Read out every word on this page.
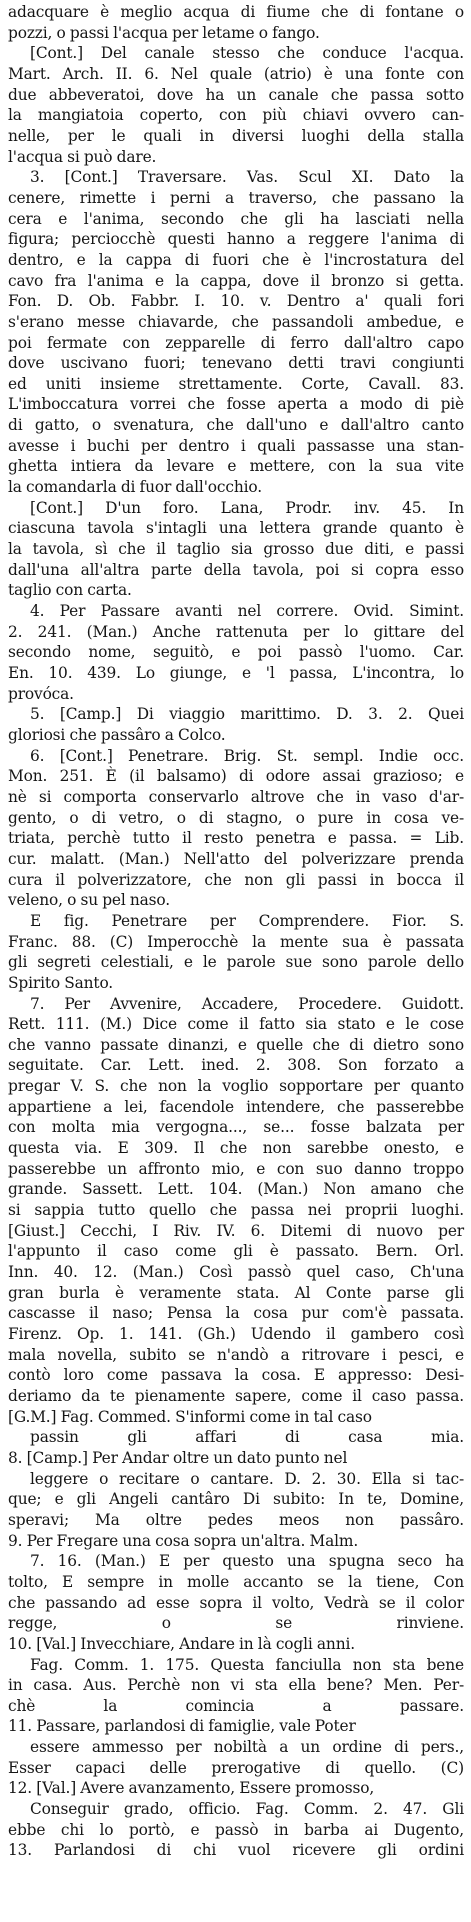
adacquare è meglio acqua di fiume che di fontane o

pozzi, o passi l'acqua per letame o fango.

[Cont.] Del canale stesso che conduce l'acqua.

Mart. Arch. II. 6. Nel quale (atrio) è una fonte con

due abbeveratoi, dove ha un canale che passa sotto

la mangiatoia coperto, con più chiavi ovvero can-

nelle, per le quali in diversi luoghi della stalla

l'acqua si può dare.

3. [Cont.] Traversare. Vas. Scul XI. Dato la

cenere, rimette i perni a traverso, che passano la

cera e l'anima, secondo che gli ha lasciati nella

figura; perciocchè questi hanno a reggere l'anima di

dentro, e la cappa di fuori che è l'incrostatura del

cavo fra l'anima e la cappa, dove il bronzo si getta.

Fon. D. Ob. Fabbr. I. 10. v. Dentro a' quali fori

s'erano messe chiavarde, che passandoli ambedue, e

poi fermate con zepparelle di ferro dall'altro capo

dove uscivano fuori; tenevano detti travi congiunti

ed uniti insieme strettamente. Corte, Cavall. 83.

L'imboccatura vorrei che fosse aperta a modo di piè

di gatto, o svenatura, che dall'uno e dall'altro canto

avesse i buchi per dentro i quali passasse una stan-

ghetta intiera da levare e mettere, con la sua vite

la comandarla di fuor dall'occhio.

[Cont.] D'un foro. Lana, Prodr. inv. 45. In

ciascuna tavola s'intagli una lettera grande quanto è

la tavola, sì che il taglio sia grosso due diti, e passi

dall'una all'altra parte della tavola, poi si copra esso

taglio con carta.

4. Per Passare avanti nel correre. Ovid. Simint.

2. 241. (Man.) Anche rattenuta per lo gittare del

secondo nome, seguitò, e poi passò l'uomo. Car.

En. 10. 439. Lo giunge, e 'l passa, L'incontra, lo

provóca.

5. [Camp.] Di viaggio marittimo. D. 3. 2. Quei

gloriosi che passâro a Colco.

6. [Cont.] Penetrare. Brig. St. sempl. Indie occ.

Mon. 251. È (il balsamo) di odore assai grazioso; e

nè si comporta conservarlo altrove che in vaso d'ar-

gento, o di vetro, o di stagno, o pure in cosa ve-

triata, perchè tutto il resto penetra e passa. = Lib.

cur. malatt. (Man.) Nell'atto del polverizzare prenda

cura il polverizzatore, che non gli passi in bocca il

veleno, o su pel naso.

E fig. Penetrare per Comprendere. Fior. S.

Franc. 88. (C) Imperocchè la mente sua è passata

gli segreti celestiali, e le parole sue sono parole dello

Spirito Santo.

7. Per Avvenire, Accadere, Procedere. Guidott.

Rett. 111. (M.) Dice come il fatto sia stato e le cose

che vanno passate dinanzi, e quelle che di dietro sono

seguitate. Car. Lett. ined. 2. 308. Son forzato a

pregar V. S. che non la voglio sopportare per quanto

appartiene a lei, facendole intendere, che passerebbe

con molta mia vergogna..., se... fosse balzata per

questa via. E 309. Il che non sarebbe onesto, e

passerebbe un affronto mio, e con suo danno troppo

grande. Sassett. Lett. 104. (Man.) Non amano che

si sappia tutto quello che passa nei proprii luoghi.

[Giust.] Cecchi, I Riv. IV. 6. Ditemi di nuovo per

l'appunto il caso come gli è passato. Bern. Orl.

Inn. 40. 12. (Man.) Così passò quel caso, Ch'una

gran burla è veramente stata. Al Conte parse gli

cascasse il naso; Pensa la cosa pur com'è passata.

Firenz. Op. 1. 141. (Gh.) Udendo il gambero così

mala novella, subito se n'andò a ritrovare i pesci, e

contò loro come passava la cosa. E appresso: Desi-

deriamo da te pienamente sapere, come il caso passa.

[G.M.] Fag. Commed. S'informi come in tal caso

passin gli affari di casa mia.

8. [Camp.] Per Andar oltre un dato punto nel

leggere o recitare o cantare. D. 2. 30. Ella si tac-

que; e gli Angeli cantâro Di subito: In te, Domine,

speravi; Ma oltre pedes meos non passâro.

9. Per Fregare una cosa sopra un'altra. Malm.

7. 16. (Man.) E per questo una spugna seco ha

tolto, E sempre in molle accanto se la tiene, Con

che passando ad esse sopra il volto, Vedrà se il color

regge, o se rinviene.

10. [Val.] Invecchiare, Andare in là cogli anni.

Fag. Comm. 1. 175. Questa fanciulla non sta bene

in casa. Aus. Perchè non vi sta ella bene? Men. Per-

chè la comincia a passare.

11. Passare, parlandosi di famiglie, vale Poter

essere ammesso per nobiltà a un ordine di pers.,

Esser capaci delle prerogative di quello. (C)

12. [Val.] Avere avanzamento, Essere promosso,

Conseguir grado, officio. Fag. Comm. 2. 47. Gli

ebbe chi lo portò, e passò in barba ai Dugento,

13. Parlandosi di chi vuol ricevere gli ordini
